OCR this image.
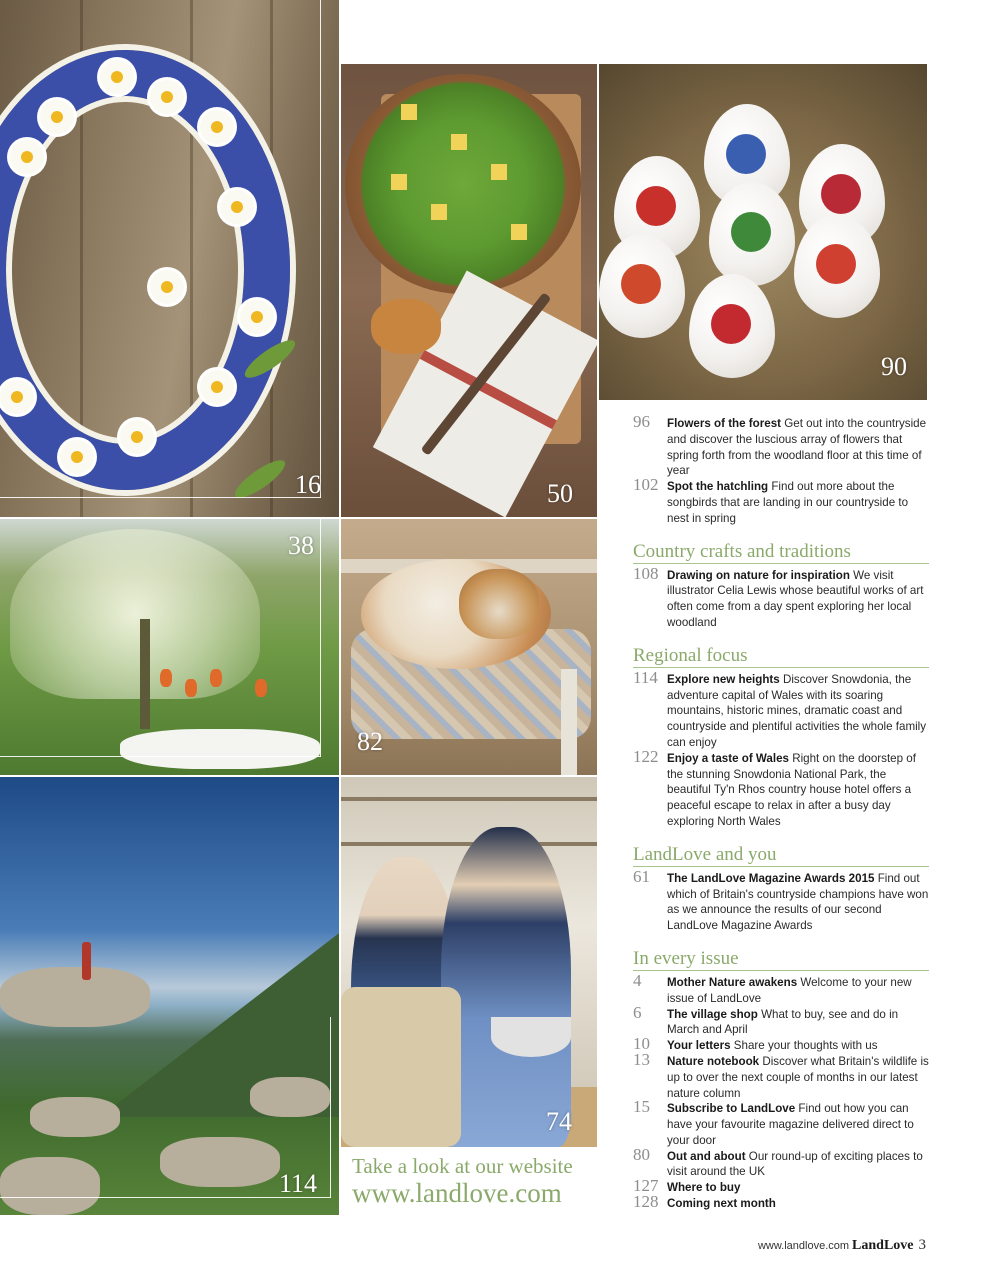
16	50
90
38
82
114
74
Take a look at our website
www.landlove.com
96 Flowers of the forest Get out into the countryside and discover the luscious array of flowers that spring forth from the woodland floor at this time of year
102 Spot the hatchling Find out more about the songbirds that are landing in our countryside to nest in spring
Country crafts and traditions
108 Drawing on nature for inspiration We visit illustrator Celia Lewis whose beautiful works of art often come from a day spent exploring her local woodland
Regional focus
114 Explore new heights Discover Snowdonia, the adventure capital of Wales with its soaring mountains, historic mines, dramatic coast and countryside and plentiful activities the whole family can enjoy
122 Enjoy a taste of Wales Right on the doorstep of the stunning Snowdonia National Park, the beautiful Ty'n Rhos country house hotel offers a peaceful escape to relax in after a busy day exploring North Wales
LandLove and you
61 The LandLove Magazine Awards 2015 Find out which of Britain's countryside champions have won as we announce the results of our second LandLove Magazine Awards
In every issue
4 Mother Nature awakens Welcome to your new issue of LandLove
6 The village shop What to buy, see and do in March and April
10 Your letters Share your thoughts with us
13 Nature notebook Discover what Britain's wildlife is up to over the next couple of months in our latest nature column
15 Subscribe to LandLove Find out how you can have your favourite magazine delivered direct to your door
80 Out and about Our round-up of exciting places to visit around the UK
127 Where to buy
128 Coming next month
www.landlove.com LandLove 3
